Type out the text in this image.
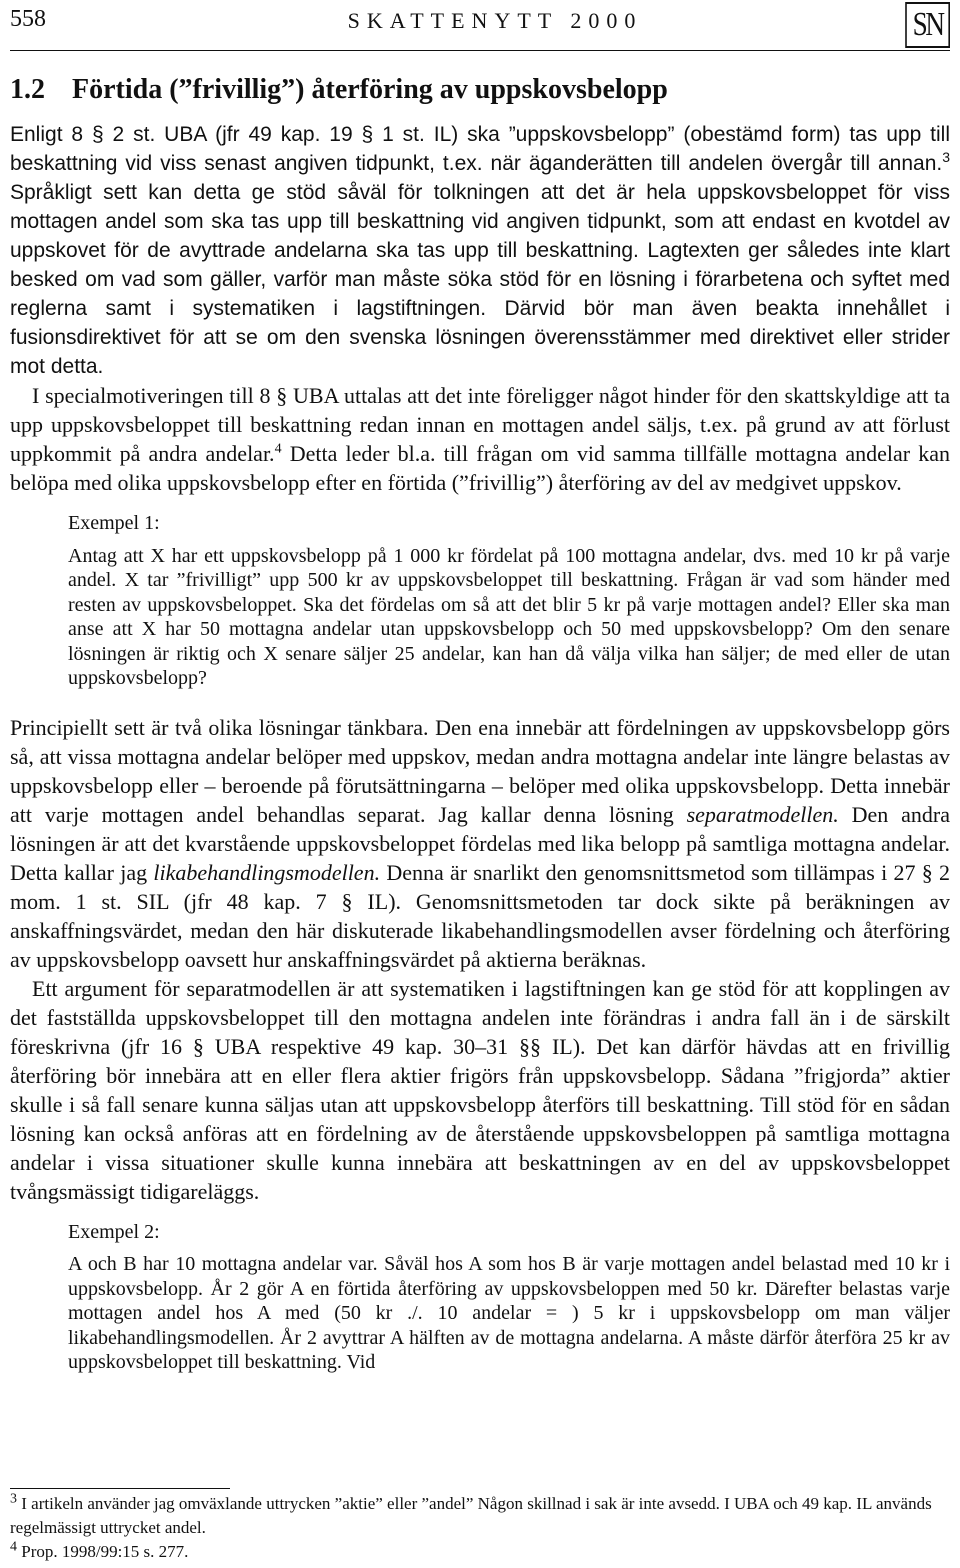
558	SKATTENYTT 2000	SN
1.2 Förtida (”frivillig”) återföring av uppskovsbelopp

Enligt 8 § 2 st. UBA (jfr 49 kap. 19 § 1 st. IL) ska ”uppskovsbelopp” (obestämd form) tas upp till beskattning vid viss senast angiven tidpunkt, t.ex. när äganderätten till andelen övergår till annan.$^3$ Språkligt sett kan detta ge stöd såväl för tolkningen att det är hela uppskovsbeloppet för viss mottagen andel som ska tas upp till beskattning vid angiven tidpunkt, som att endast en kvotdel av uppskovet för de avyttrade andelarna ska tas upp till beskattning. Lagtexten ger således inte klart besked om vad som gäller, varför man måste söka stöd för en lösning i förarbetena och syftet med reglerna samt i systematiken i lagstiftningen. Därvid bör man även beakta innehållet i fusionsdirektivet för att se om den svenska lösningen överensstämmer med direktivet eller strider mot detta.

I specialmotiveringen till 8 § UBA uttalas att det inte föreligger något hinder för den skattskyldige att ta upp uppskovsbeloppet till beskattning redan innan en mottagen andel säljs, t.ex. på grund av att förlust uppkommit på andra andelar.$^4$ Detta leder bl.a. till frågan om vid samma tillfälle mottagna andelar kan belöpa med olika uppskovsbelopp efter en förtida (”frivillig”) återföring av del av medgivet uppskov.

Exempel 1:

Antag att X har ett uppskovsbelopp på 1 000 kr fördelat på 100 mottagna andelar, dvs. med 10 kr på varje andel. X tar ”frivilligt” upp 500 kr av uppskovsbeloppet till beskattning. Frågan är vad som händer med resten av uppskovsbeloppet. Ska det fördelas om så att det blir 5 kr på varje mottagen andel? Eller ska man anse att X har 50 mottagna andelar utan uppskovsbelopp och 50 med uppskovsbelopp? Om den senare lösningen är riktig och X senare säljer 25 andelar, kan han då välja vilka han säljer; de med eller de utan uppskovsbelopp?

Principiellt sett är två olika lösningar tänkbara. Den ena innebär att fördelningen av uppskovsbelopp görs så, att vissa mottagna andelar belöper med uppskov, medan andra mottagna andelar inte längre belastas av uppskovsbelopp eller – beroende på förutsättningarna – belöper med olika uppskovsbelopp. Detta innebär att varje mottagen andel behandlas separat. Jag kallar denna lösning separatmodellen. Den andra lösningen är att det kvarstående uppskovsbeloppet fördelas med lika belopp på samtliga mottagna andelar. Detta kallar jag likabehandlingsmodellen. Denna är snarlikt den genomsnittsmetod som tillämpas i 27 § 2 mom. 1 st. SIL (jfr 48 kap. 7 § IL). Genomsnittsmetoden tar dock sikte på beräkningen av anskaffningsvärdet, medan den här diskuterade likabehandlingsmodellen avser fördelning och återföring av uppskovsbelopp oavsett hur anskaffningsvärdet på aktierna beräknas.

Ett argument för separatmodellen är att systematiken i lagstiftningen kan ge stöd för att kopplingen av det fastställda uppskovsbeloppet till den mottagna andelen inte förändras i andra fall än i de särskilt föreskrivna (jfr 16 § UBA respektive 49 kap. 30–31 §§ IL). Det kan därför hävdas att en frivillig återföring bör innebära att en eller flera aktier frigörs från uppskovsbelopp. Sådana ”frigjorda” aktier skulle i så fall senare kunna säljas utan att uppskovsbelopp återförs till beskattning. Till stöd för en sådan lösning kan också anföras att en fördelning av de återstående uppskovsbeloppen på samtliga mottagna andelar i vissa situationer skulle kunna innebära att beskattningen av en del av uppskovsbeloppet tvångsmässigt tidigareläggs.

Exempel 2:

A och B har 10 mottagna andelar var. Såväl hos A som hos B är varje mottagen andel belastad med 10 kr i uppskovsbelopp. År 2 gör A en förtida återföring av uppskovsbeloppen med 50 kr. Därefter belastas varje mottagen andel hos A med (50 kr ./. 10 andelar = ) 5 kr i uppskovsbelopp om man väljer likabehandlingsmodellen. År 2 avyttrar A hälften av de mottagna andelarna. A måste därför återföra 25 kr av uppskovsbeloppet till beskattning. Vid

$^3$ I artikeln använder jag omväxlande uttrycken ”aktie” eller ”andel” Någon skillnad i sak är inte avsedd. I UBA och 49 kap. IL används regelmässigt uttrycket andel.

$^4$ Prop. 1998/99:15 s. 277.
